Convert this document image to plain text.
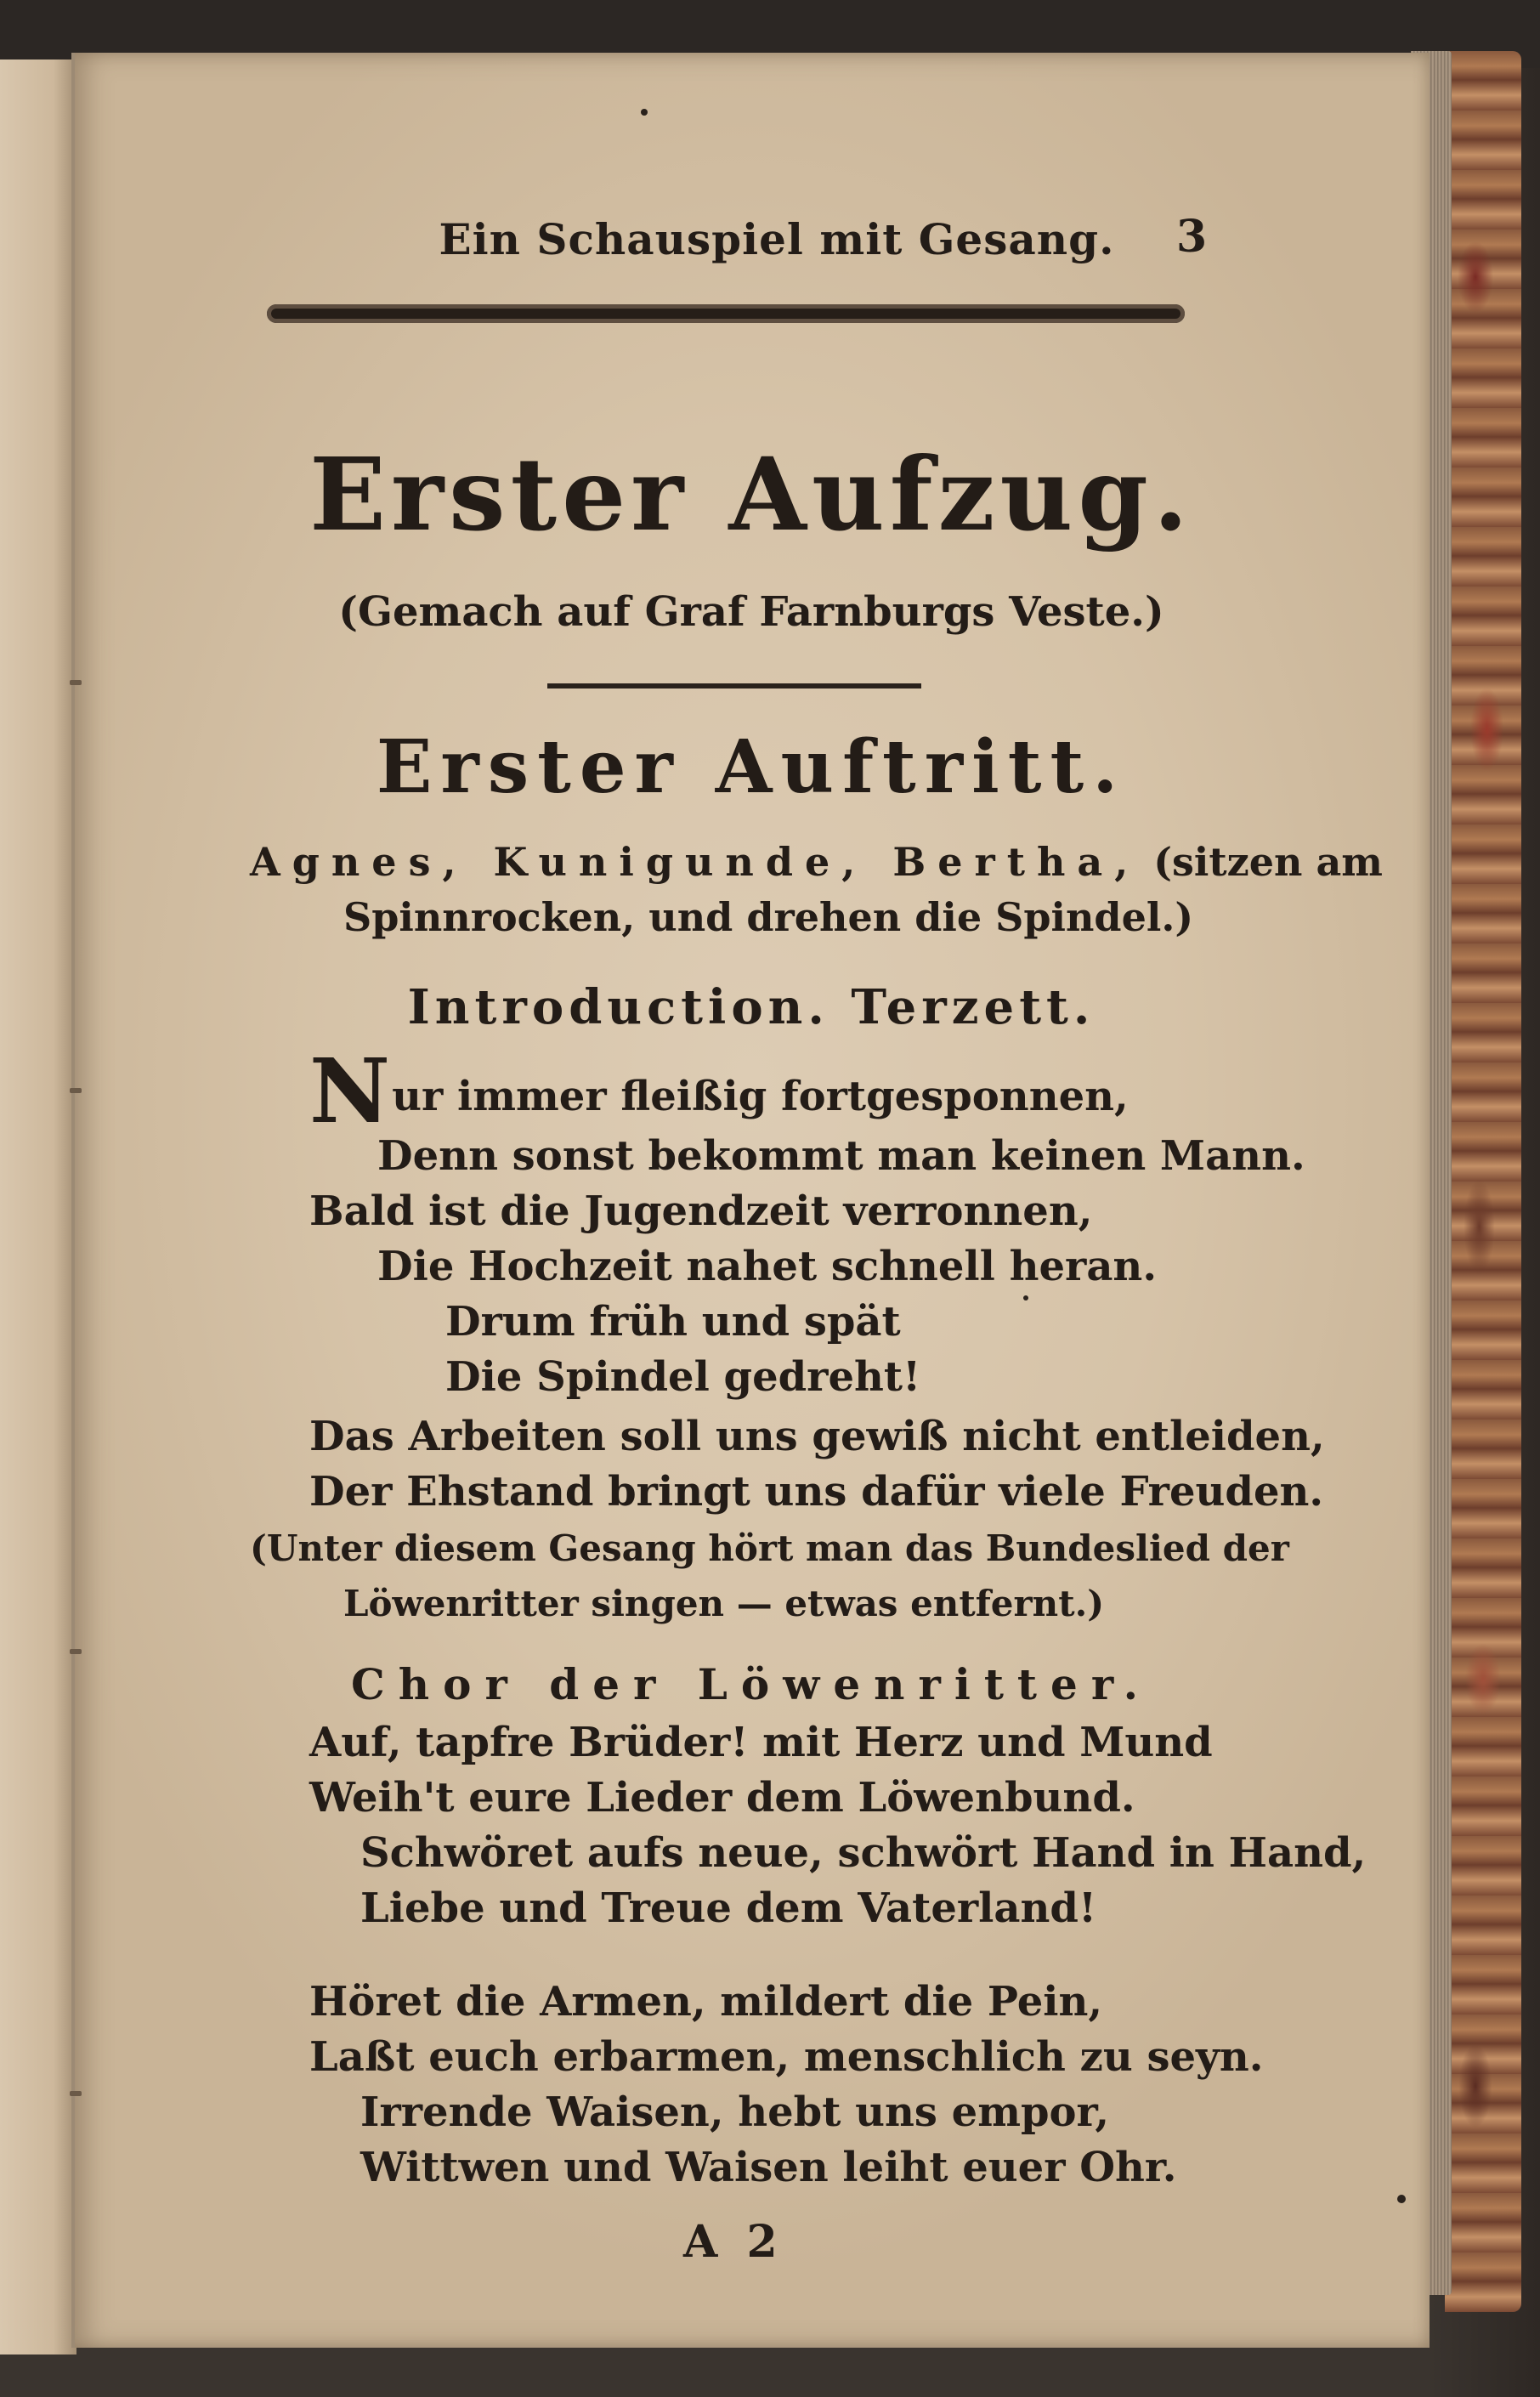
Ein Schauspiel mit Gesang. 3
Erster Aufzug.
(Gemach auf Graf Farnburgs Veste.)
Erster Auftritt.
Agnes, Kunigunde, Bertha, (sitzen am
Spinnrocken, und drehen die Spindel.)
Introduction. Terzett.
Nur immer fleißig fortgesponnen,
Denn sonst bekommt man keinen Mann.
Bald ist die Jugendzeit verronnen,
Die Hochzeit nahet schnell heran.
Drum früh und spät
Die Spindel gedreht!
Das Arbeiten soll uns gewiß nicht entleiden,
Der Ehstand bringt uns dafür viele Freuden.
(Unter diesem Gesang hört man das Bundeslied der
Löwenritter singen — etwas entfernt.)
Chor der Löwenritter.
Auf, tapfre Brüder! mit Herz und Mund
Weih't eure Lieder dem Löwenbund.
Schwöret aufs neue, schwört Hand in Hand,
Liebe und Treue dem Vaterland!
Höret die Armen, mildert die Pein,
Laßt euch erbarmen, menschlich zu seyn.
Irrende Waisen, hebt uns empor,
Wittwen und Waisen leiht euer Ohr.
A 2
